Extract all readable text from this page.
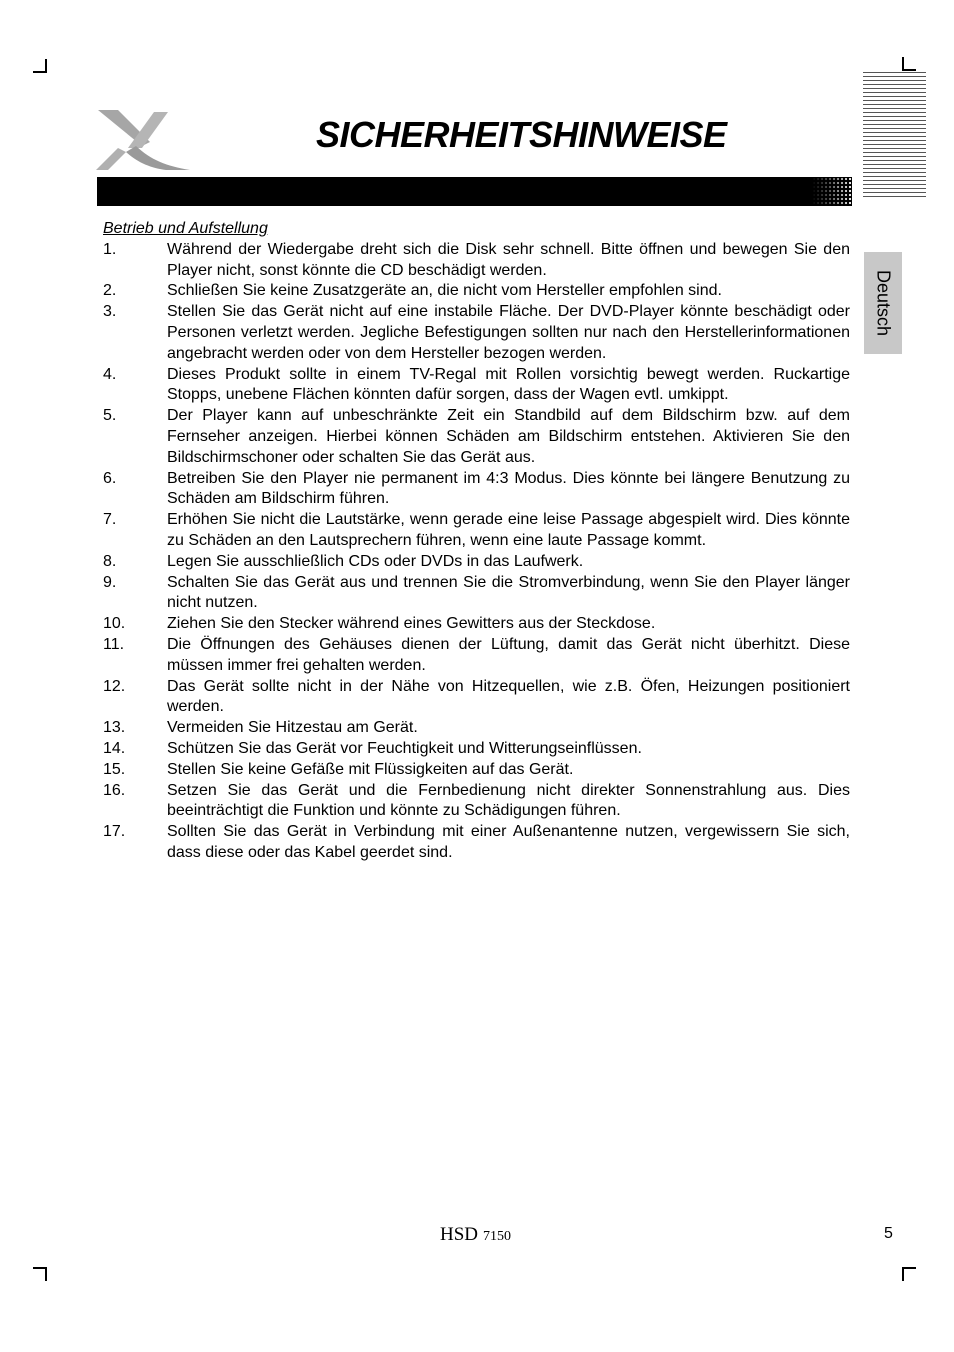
SICHERHEITSHINWEISE
Deutsch

Betrieb und Aufstellung

1.	Während der Wiedergabe dreht sich die Disk sehr schnell. Bitte öffnen und bewegen Sie den Player nicht, sonst könnte die CD beschädigt werden.
2.	Schließen Sie keine Zusatzgeräte an, die nicht vom Hersteller empfohlen sind.
3.	Stellen Sie das Gerät nicht auf eine instabile Fläche. Der DVD-Player könnte beschädigt oder Personen verletzt werden. Jegliche Befestigungen sollten nur nach den Herstellerinformationen angebracht werden oder von dem Hersteller bezogen werden.
4.	Dieses Produkt sollte in einem TV-Regal mit Rollen vorsichtig bewegt werden. Ruckartige Stopps, unebene Flächen könnten dafür sorgen, dass der Wagen evtl. umkippt.
5.	Der Player kann auf unbeschränkte Zeit ein Standbild auf dem Bildschirm bzw. auf dem Fernseher anzeigen. Hierbei können Schäden am Bildschirm entstehen. Aktivieren Sie den Bildschirmschoner oder schalten Sie das Gerät aus.
6.	Betreiben Sie den Player nie permanent im 4:3 Modus. Dies könnte bei längere Benutzung zu Schäden am Bildschirm führen.
7.	Erhöhen Sie nicht die Lautstärke, wenn gerade eine leise Passage abgespielt wird. Dies könnte zu Schäden an den Lautsprechern führen, wenn eine laute Passage kommt.
8.	Legen Sie ausschließlich CDs oder DVDs in das Laufwerk.
9.	Schalten Sie das Gerät aus und trennen Sie die Stromverbindung, wenn Sie den Player länger nicht nutzen.
10.	Ziehen Sie den Stecker während eines Gewitters aus der Steckdose.
11.	Die Öffnungen des Gehäuses dienen der Lüftung, damit das Gerät nicht überhitzt. Diese müssen immer frei gehalten werden.
12.	Das Gerät sollte nicht in der Nähe von Hitzequellen, wie z.B. Öfen, Heizungen positioniert werden.
13.	Vermeiden Sie Hitzestau am Gerät.
14.	Schützen Sie das Gerät vor Feuchtigkeit und Witterungseinflüssen.
15.	Stellen Sie keine Gefäße mit Flüssigkeiten auf das Gerät.
16.	Setzen Sie das Gerät und die Fernbedienung nicht direkter Sonnenstrahlung aus. Dies beeinträchtigt die Funktion und könnte zu Schädigungen führen.
17.	Sollten Sie das Gerät in Verbindung mit einer Außenantenne nutzen, vergewissern Sie sich, dass diese oder das Kabel geerdet sind.
HSD 7150	5
